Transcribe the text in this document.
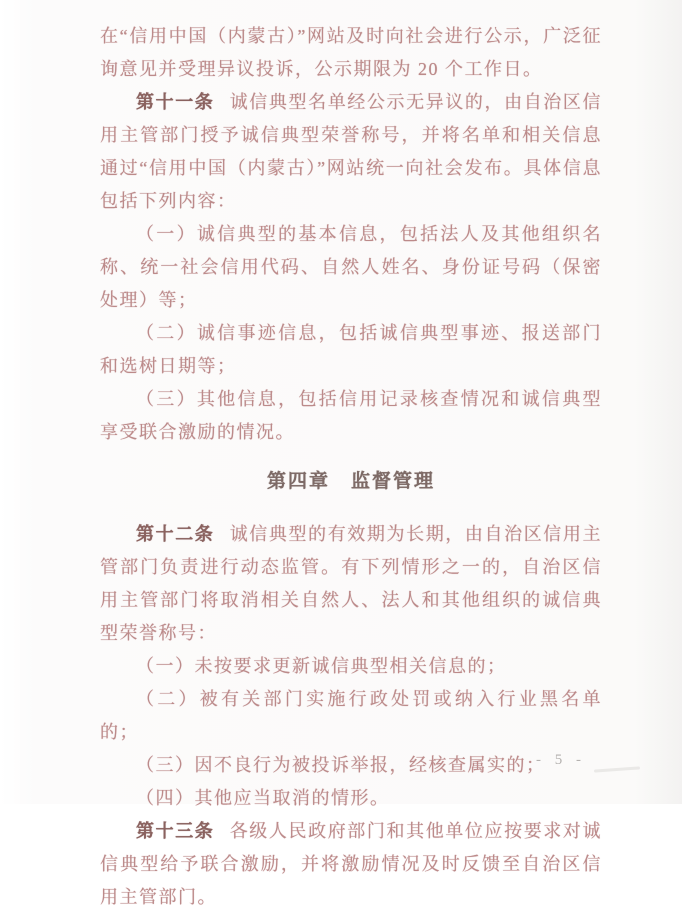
在“信用中国（内蒙古）”网站及时向社会进行公示，广泛征询意见并受理异议投诉，公示期限为 20 个工作日。

第十一条 诚信典型名单经公示无异议的，由自治区信用主管部门授予诚信典型荣誉称号，并将名单和相关信息通过“信用中国（内蒙古）”网站统一向社会发布。具体信息包括下列内容：

（一）诚信典型的基本信息，包括法人及其他组织名称、统一社会信用代码、自然人姓名、身份证号码（保密处理）等；

（二）诚信事迹信息，包括诚信典型事迹、报送部门和选树日期等；

（三）其他信息，包括信用记录核查情况和诚信典型享受联合激励的情况。

第四章　监督管理

第十二条 诚信典型的有效期为长期，由自治区信用主管部门负责进行动态监管。有下列情形之一的，自治区信用主管部门将取消相关自然人、法人和其他组织的诚信典型荣誉称号：

（一）未按要求更新诚信典型相关信息的；

（二）被有关部门实施行政处罚或纳入行业黑名单的；

（三）因不良行为被投诉举报，经核查属实的；

（四）其他应当取消的情形。

第十三条 各级人民政府部门和其他单位应按要求对诚信典型给予联合激励，并将激励情况及时反馈至自治区信用主管部门。

- 5 -
